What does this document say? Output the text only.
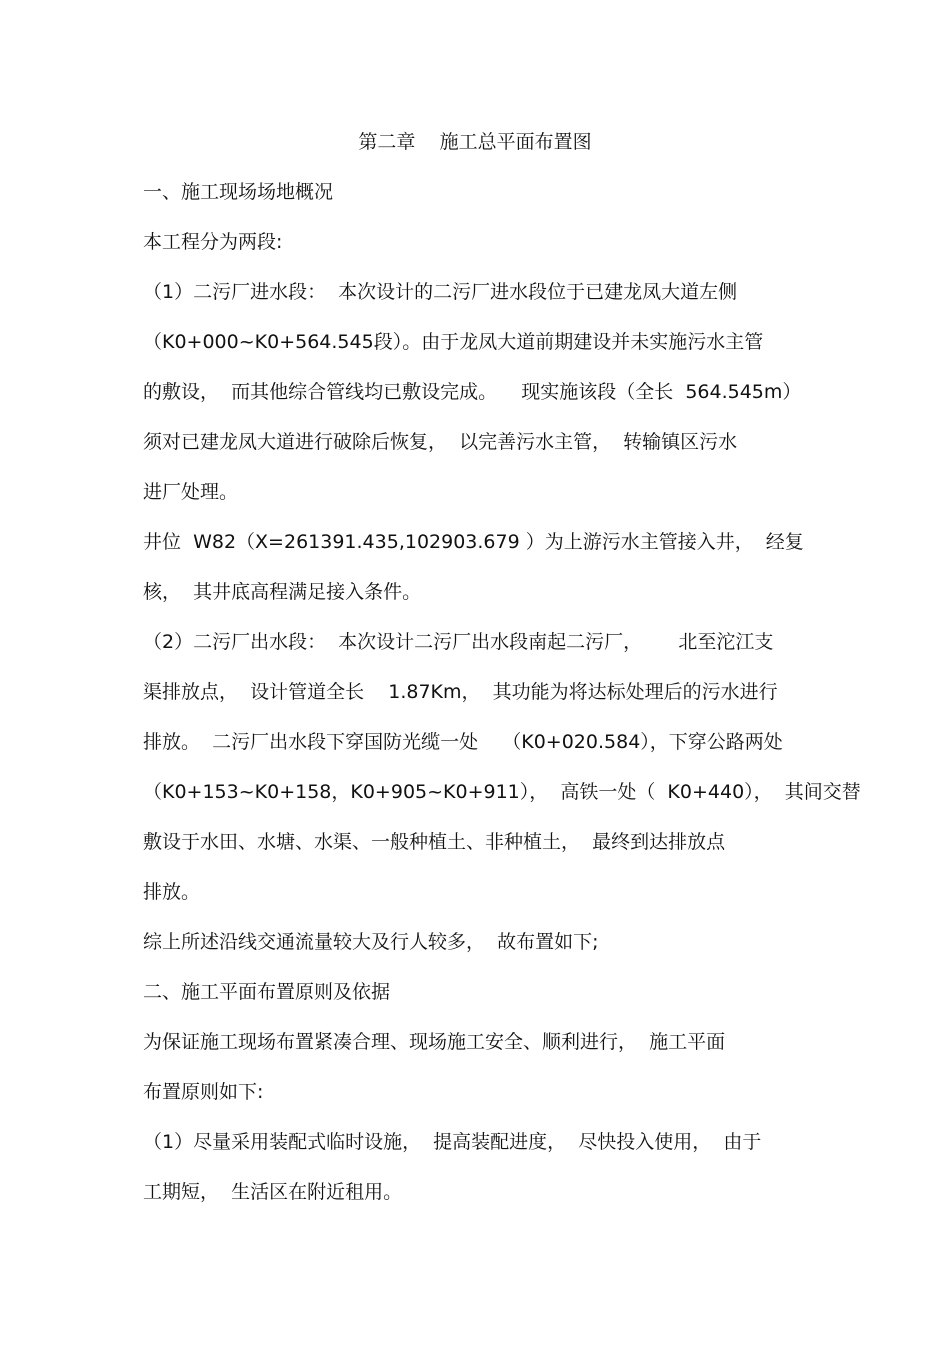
第二章    施工总平面布置图
一、施工现场场地概况
本工程分为两段:
（1）二污厂进水段：  本次设计的二污厂进水段位于已建龙凤大道左侧
（K0+000~K0+564.545段）。由于龙凤大道前期建设并未实施污水主管
的敷设，  而其他综合管线均已敷设完成。    现实施该段（全长  564.545m）
须对已建龙凤大道进行破除后恢复，  以完善污水主管，  转输镇区污水
进厂处理。
井位  W82（X=261391.435,102903.679 ）为上游污水主管接入井，  经复
核，  其井底高程满足接入条件。
（2）二污厂出水段：  本次设计二污厂出水段南起二污厂，      北至沱江支
渠排放点，  设计管道全长    1.87Km，  其功能为将达标处理后的污水进行
排放。  二污厂出水段下穿国防光缆一处    （K0+020.584），下穿公路两处
（K0+153~K0+158，K0+905~K0+911），  高铁一处（  K0+440），  其间交替
敷设于水田、水塘、水渠、一般种植土、非种植土，  最终到达排放点
排放。
综上所述沿线交通流量较大及行人较多，  故布置如下;
二、施工平面布置原则及依据
为保证施工现场布置紧凑合理、现场施工安全、顺利进行，  施工平面
布置原则如下:
（1）尽量采用装配式临时设施，  提高装配进度，  尽快投入使用，  由于
工期短，  生活区在附近租用。
